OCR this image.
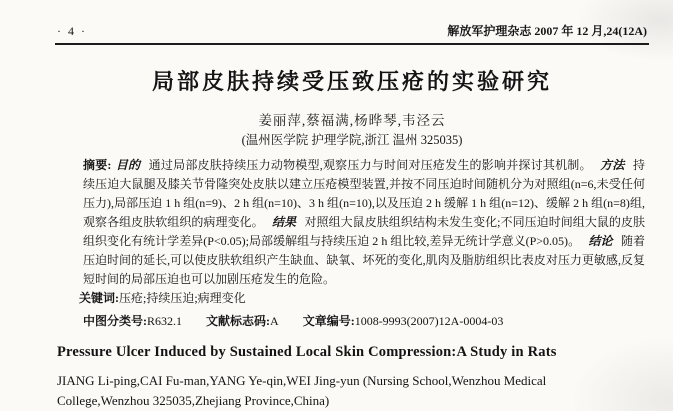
· 4 ·	解放军护理杂志 2007 年 12 月,24(12A)
局部皮肤持续受压致压疮的实验研究
姜丽萍,蔡福满,杨晔琴,韦泾云
(温州医学院 护理学院,浙江 温州 325035)

摘要: 目的 通过局部皮肤持续压力动物模型,观察压力与时间对压疮发生的影响并探讨其机制。 方法 持续压迫大鼠腿及膝关节骨隆突处皮肤以建立压疮模型装置,并按不同压迫时间随机分为对照组(n=6,未受任何压力),局部压迫 1 h 组(n=9)、2 h 组(n=10)、3 h 组(n=10),以及压迫 2 h 缓解 1 h 组(n=12)、缓解 2 h 组(n=8)组,观察各组皮肤软组织的病理变化。 结果 对照组大鼠皮肤组织结构未发生变化;不同压迫时间组大鼠的皮肤组织变化有统计学差异(P<0.05);局部缓解组与持续压迫 2 h 组比较,差异无统计学意义(P>0.05)。 结论 随着压迫时间的延长,可以使皮肤软组织产生缺血、缺氧、坏死的变化,肌肉及脂肪组织比表皮对压力更敏感,反复短时间的局部压迫也可以加剧压疮发生的危险。

关键词:压疮;持续压迫;病理变化

中图分类号:R632.1 文献标志码:A 文章编号:1008-9993(2007)12A-0004-03

Pressure Ulcer Induced by Sustained Local Skin Compression:A Study in Rats

JIANG Li-ping,CAI Fu-man,YANG Ye-qin,WEI Jing-yun (Nursing School,Wenzhou Medical College,Wenzhou 325035,Zhejiang Province,China)
